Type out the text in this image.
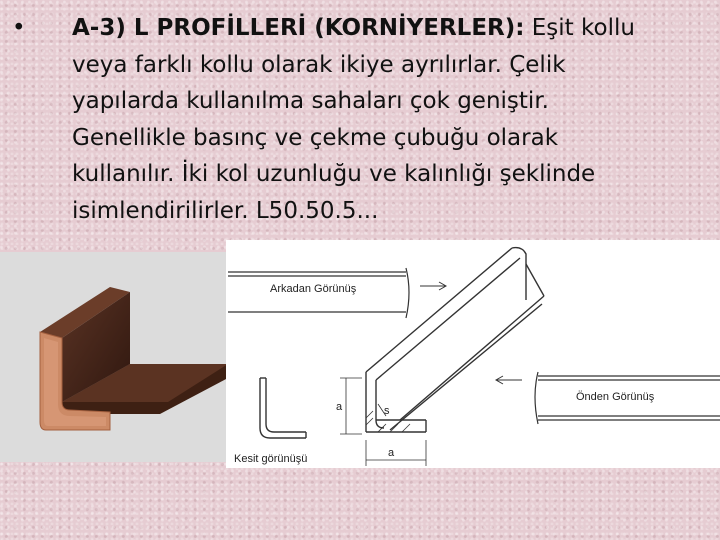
• A-3) L PROFİLLERİ (KORNİYERLER): Eşit kollu
veya farklı kollu olarak ikiye ayrılırlar. Çelik
yapılarda kullanılma sahaları çok geniştir.
Genellikle basınç ve çekme çubuğu olarak
kullanılır. İki kol uzunluğu ve kalınlığı şeklinde
isimlendirilirler. L50.50.5...
Arkadan Görünüş
a
a
s
Önden Görünüş
Kesit görünüşü
